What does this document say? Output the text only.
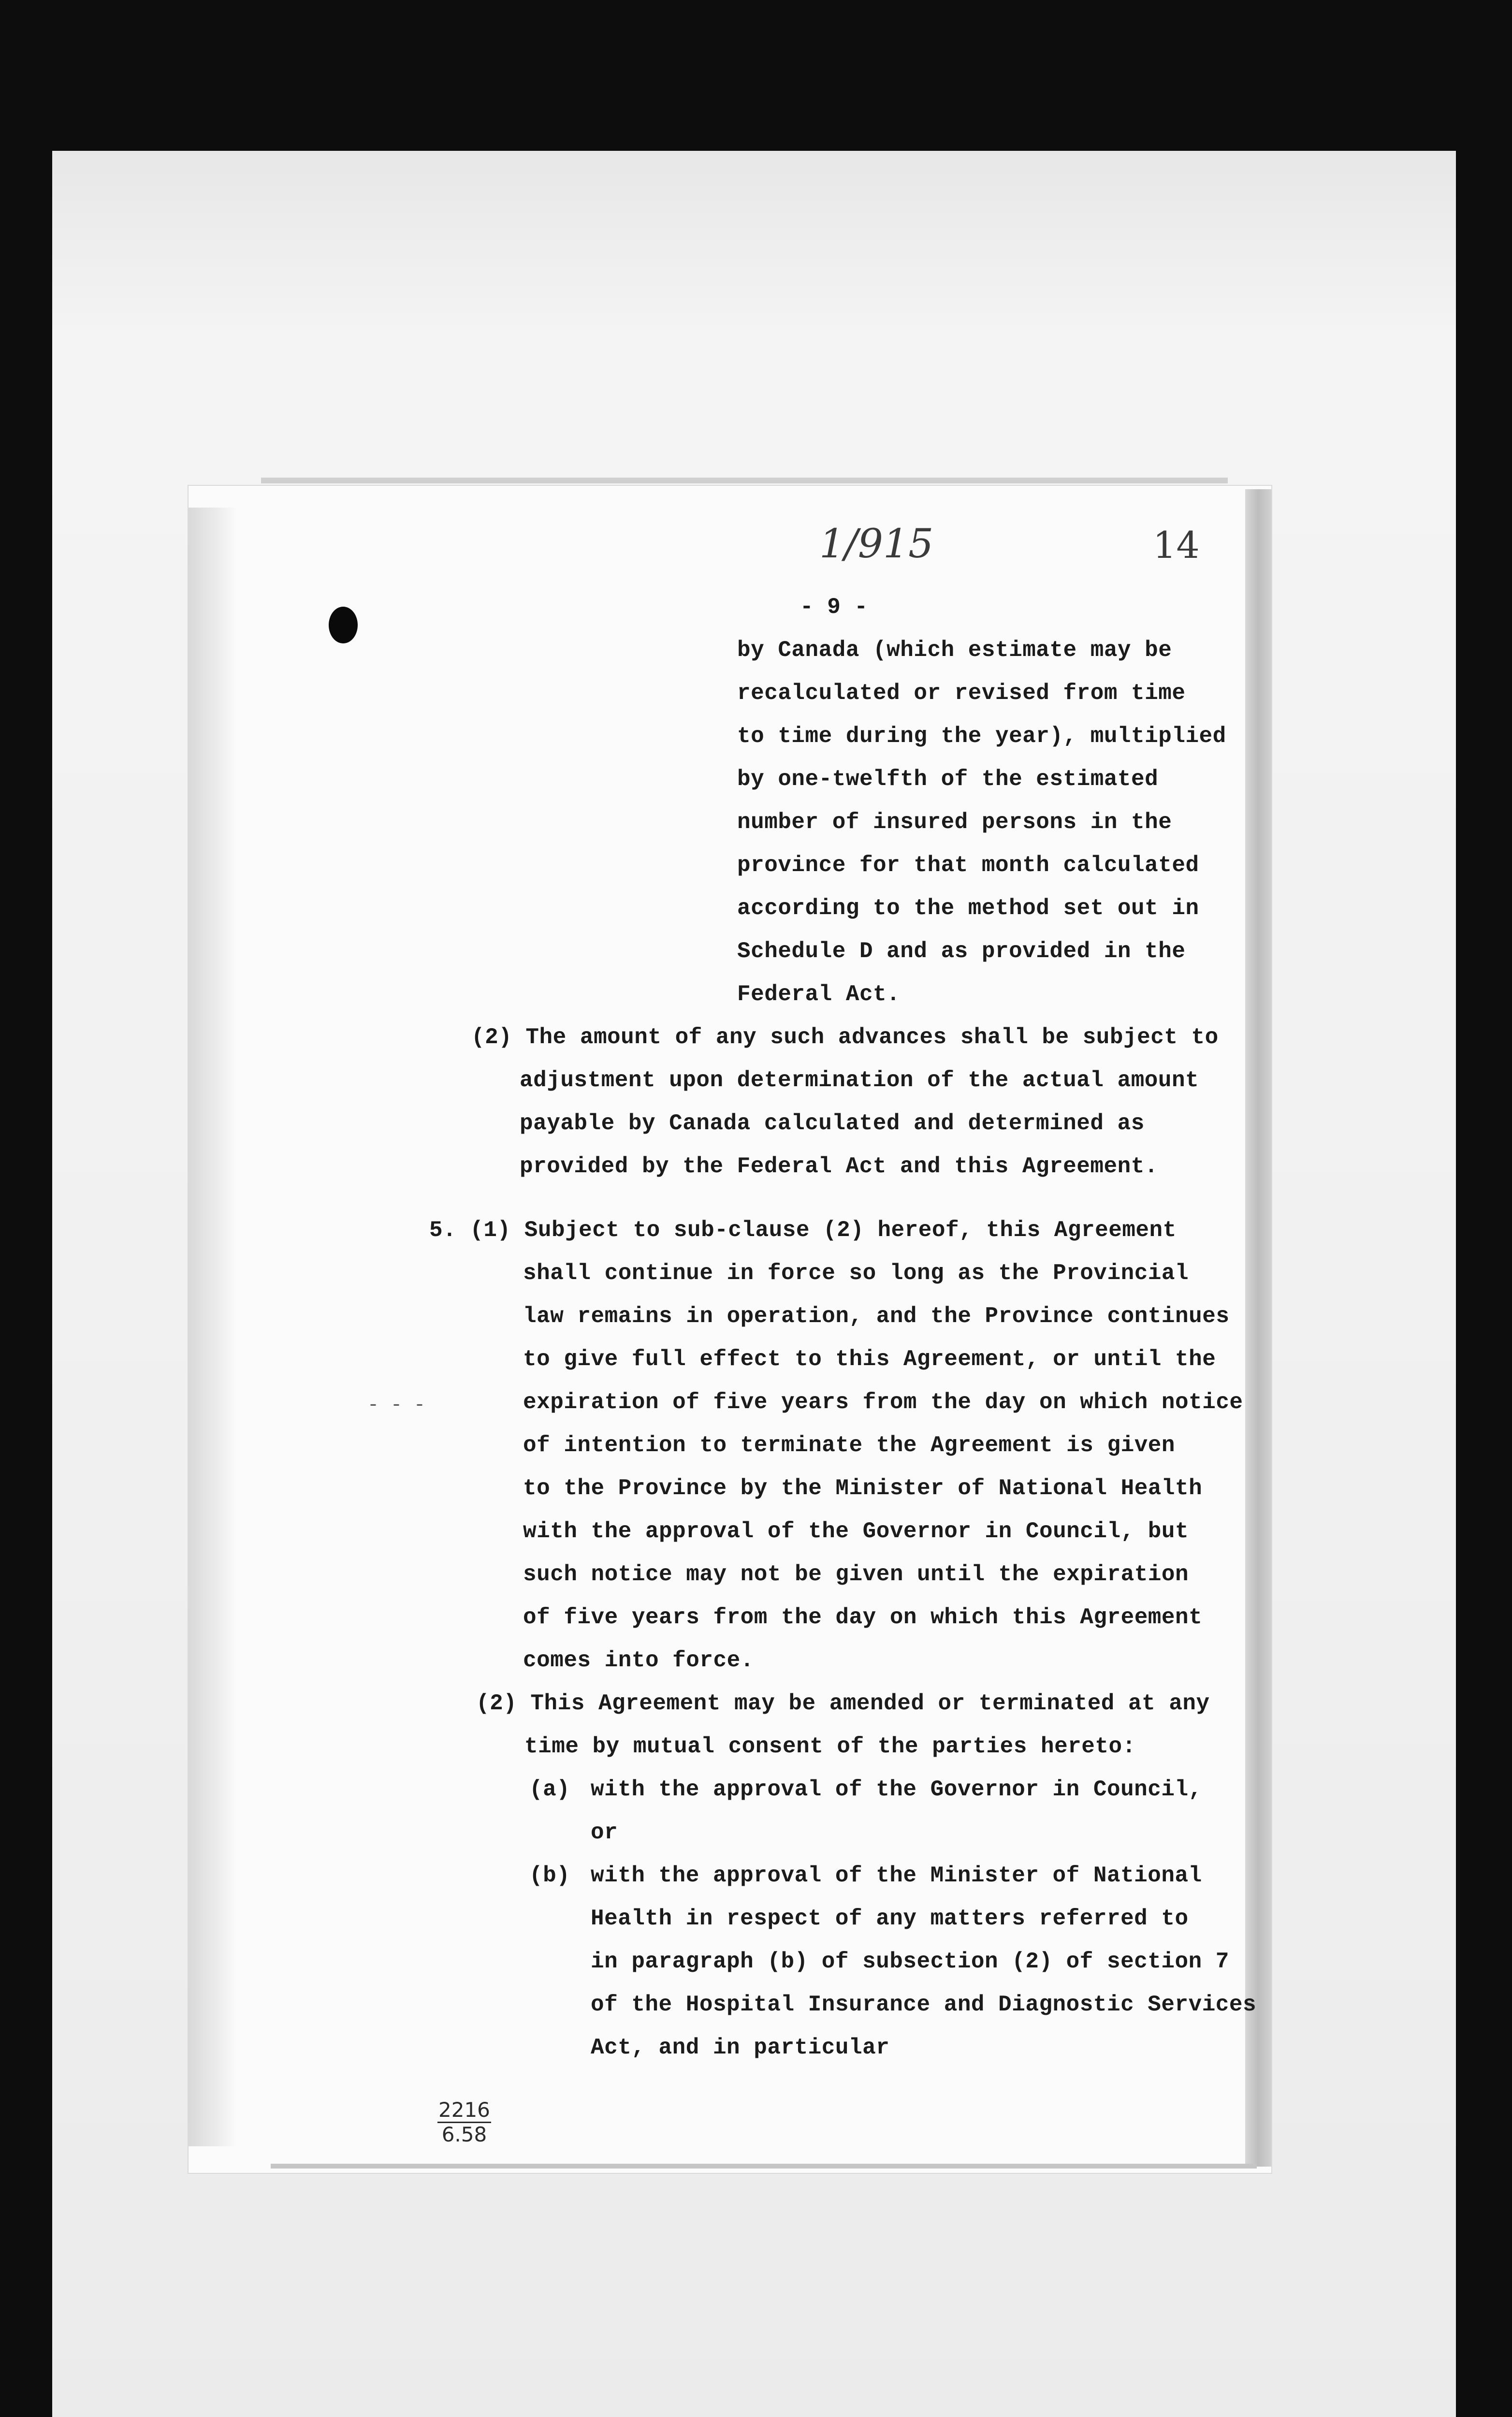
- - -
1/915	14
- 9 -
by Canada (which estimate may be
recalculated or revised from time
to time during the year), multiplied
by one-twelfth of the estimated
number of insured persons in the
province for that month calculated
according to the method set out in
Schedule D and as provided in the
Federal Act.
(2) The amount of any such advances shall be subject to
adjustment upon determination of the actual amount
payable by Canada calculated and determined as
provided by the Federal Act and this Agreement.
5. (1) Subject to sub-clause (2) hereof, this Agreement
shall continue in force so long as the Provincial
law remains in operation, and the Province continues
to give full effect to this Agreement, or until the
expiration of five years from the day on which notice
of intention to terminate the Agreement is given
to the Province by the Minister of National Health
with the approval of the Governor in Council, but
such notice may not be given until the expiration
of five years from the day on which this Agreement
comes into force.
(2) This Agreement may be amended or terminated at any
time by mutual consent of the parties hereto:
(a) with the approval of the Governor in Council,
or
(b) with the approval of the Minister of National
Health in respect of any matters referred to
in paragraph (b) of subsection (2) of section 7
of the Hospital Insurance and Diagnostic Services
Act, and in particular
2216
6.58
